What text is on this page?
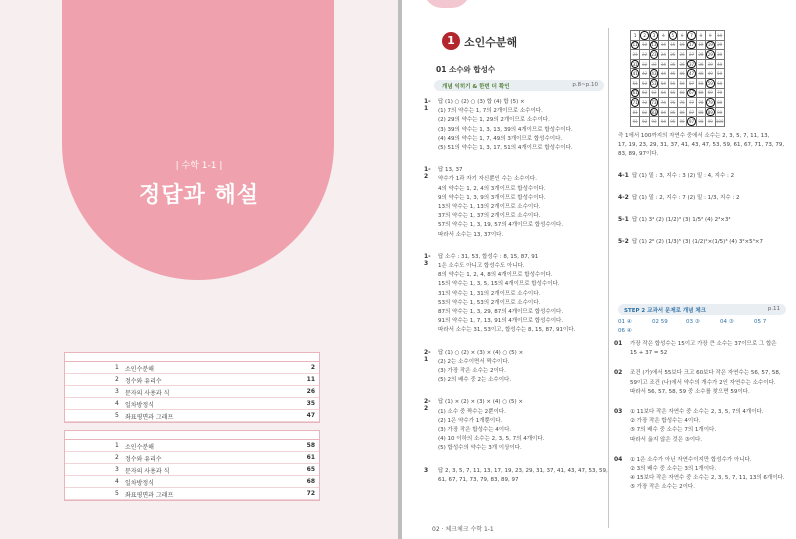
| 수학 1-1 |
정답과 해설
1 소인수분해	2
2 정수와 유리수	11
3 문자의 사용과 식	26
4 일차방정식	35
5 좌표평면과 그래프	47
1 소인수분해	58
2 정수와 유리수	61
3 문자의 사용과 식	65
4 일차방정식	68
5 좌표평면과 그래프	72
1 소인수분해
01 소수와 합성수
개념 익히기 & 한번 더 확인	p.8~p.10
1-1
답 (1) ○ (2) ○ (3) 합 (4) 합 (5) ×
(1) 7의 약수는 1, 7의 2개이므로 소수이다.
(2) 29의 약수는 1, 29의 2개이므로 소수이다.
(3) 39의 약수는 1, 3, 13, 39의 4개이므로 합성수이다.
(4) 49의 약수는 1, 7, 49의 3개이므로 합성수이다.
(5) 51의 약수는 1, 3, 17, 51의 4개이므로 합성수이다.
1-2
답 13, 37
약수가 1과 자기 자신뿐인 수는 소수이다.
4의 약수는 1, 2, 4의 3개이므로 합성수이다.
9의 약수는 1, 3, 9의 3개이므로 합성수이다.
13의 약수는 1, 13의 2개이므로 소수이다.
37의 약수는 1, 37의 2개이므로 소수이다.
57의 약수는 1, 3, 19, 57의 4개이므로 합성수이다.
따라서 소수는 13, 37이다.
1-3
답 소수 : 31, 53, 합성수 : 8, 15, 87, 91
1은 소수도 아니고 합성수도 아니다.
8의 약수는 1, 2, 4, 8의 4개이므로 합성수이다.
15의 약수는 1, 3, 5, 15의 4개이므로 합성수이다.
31의 약수는 1, 31의 2개이므로 소수이다.
53의 약수는 1, 53의 2개이므로 소수이다.
87의 약수는 1, 3, 29, 87의 4개이므로 합성수이다.
91의 약수는 1, 7, 13, 91의 4개이므로 합성수이다.
따라서 소수는 31, 53이고, 합성수는 8, 15, 87, 91이다.
2-1
답 (1) ○ (2) × (3) × (4) ○ (5) ×
(2) 2는 소수이면서 짝수이다.
(3) 가장 작은 소수는 2이다.
(5) 2의 배수 중 2는 소수이다.
2-2
답 (1) × (2) × (3) × (4) ○ (5) ×
(1) 소수 중 짝수는 2뿐이다.
(2) 1은 약수가 1개뿐이다.
(3) 가장 작은 합성수는 4이다.
(4) 10 이하의 소수는 2, 3, 5, 7의 4개이다.
(5) 합성수의 약수는 3개 이상이다.
3 답 2, 3, 5, 7, 11, 13, 17, 19, 23, 29, 31, 37, 41, 43, 47, 53, 59,
61, 67, 71, 73, 79, 83, 89, 97
즉 1에서 100까지의 자연수 중에서 소수는 2, 3, 5, 7, 11, 13,
17, 19, 23, 29, 31, 37, 41, 43, 47, 53, 59, 61, 67, 71, 73, 79,
83, 89, 97이다.
4-1 답 (1) 밑 : 3, 지수 : 3 (2) 밑 : 4, 지수 : 2
4-2 답 (1) 밑 : 2, 지수 : 7 (2) 밑 : 1/3, 지수 : 2
5-1 답 (1) 3⁴ (2) (1/2)³ (3) 1/5² (4) 2³×3⁴
5-2 답 (1) 2⁶ (2) (1/3)⁵ (3) (1/2)²×(1/5)³ (4) 3²×5³×7
STEP 2 교과서 문제로 개념 체크	p.11
01 ④	02 59	03 ③	04 ③	05 7
06 ④
01 가장 작은 합성수는 15이고 가장 큰 소수는 37이므로 그 합은
15 + 37 = 52
02 조건 (가)에서 55보다 크고 60보다 작은 자연수는 56, 57, 58,
59이고 조건 (나)에서 약수의 개수가 2인 자연수는 소수이다.
따라서 56, 57, 58, 59 중 소수를 찾으면 59이다.
03 ① 11보다 작은 자연수 중 소수는 2, 3, 5, 7의 4개이다.
② 가장 작은 합성수는 4이다.
⑤ 7의 배수 중 소수는 7의 1개이다.
따라서 옳지 않은 것은 ③이다.
04 ① 1은 소수가 아닌 자연수이지만 합성수가 아니다.
② 3의 배수 중 소수는 3의 1개이다.
④ 15보다 작은 자연수 중 소수는 2, 3, 5, 7, 11, 13의 6개이다.
⑤ 가장 작은 소수는 2이다.
02 · 체크체크 수학 1-1
1	2	3	4	5	6	7	8	9	10
11	12	13	14	15	16	17	18	19	20
21	22	23	24	25	26	27	28	29	30
31	32	33	34	35	36	37	38	39	40
41	42	43	44	45	46	47	48	49	50
51	52	53	54	55	56	57	58	59	60
61	62	63	64	65	66	67	68	69	70
71	72	73	74	75	76	77	78	79	80
81	82	83	84	85	86	87	88	89	90
91	92	93	94	95	96	97	98	99	100
